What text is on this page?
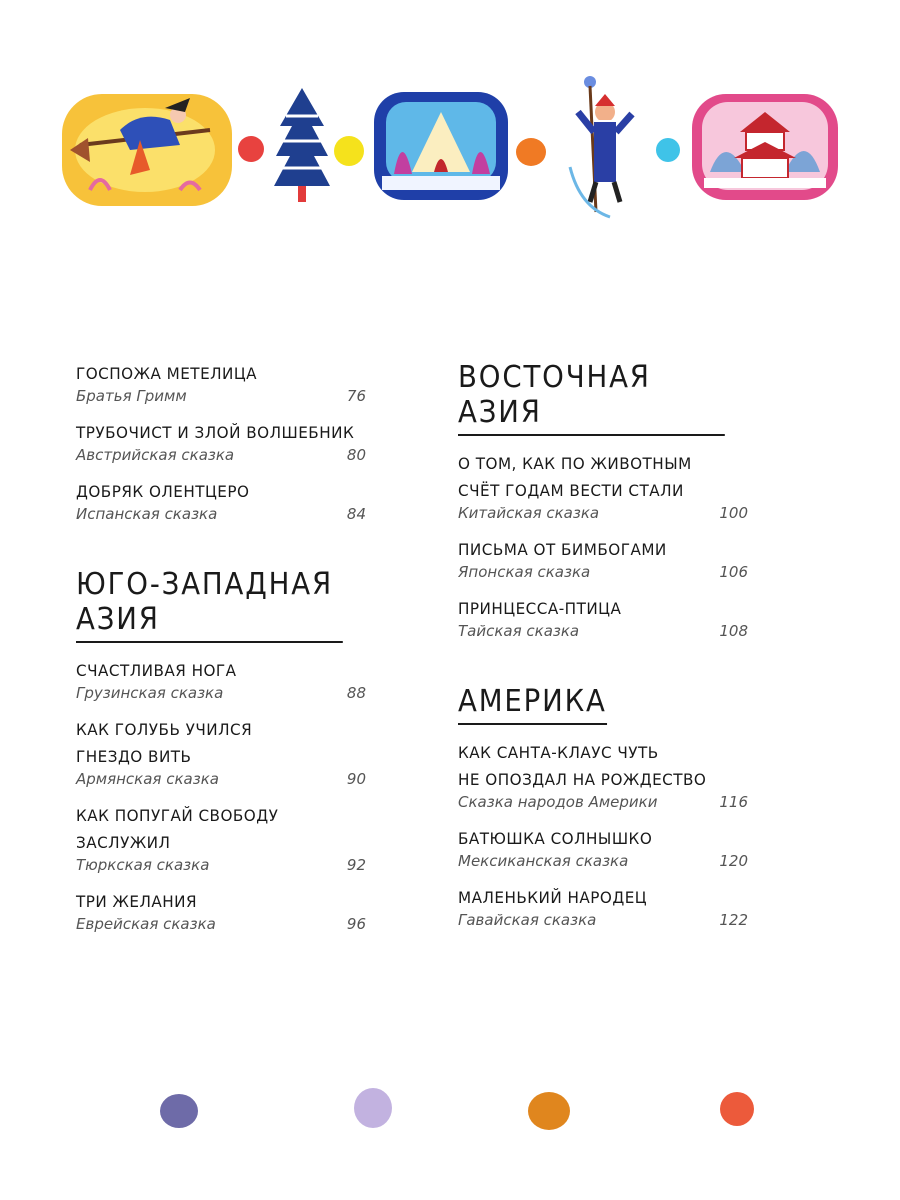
ГОСПОЖА МЕТЕЛИЦА
Братья Гримм	76
ТРУБОЧИСТ И ЗЛОЙ ВОЛШЕБНИК
Австрийская сказка	80
ДОБРЯК ОЛЕНТЦЕРО
Испанская сказка	84
ЮГО-ЗАПАДНАЯ АЗИЯ
СЧАСТЛИВАЯ НОГА
Грузинская сказка	88
КАК ГОЛУБЬ УЧИЛСЯ
ГНЕЗДО ВИТЬ
Армянская сказка	90
КАК ПОПУГАЙ СВОБОДУ
ЗАСЛУЖИЛ
Тюркская сказка	92
ТРИ ЖЕЛАНИЯ
Еврейская сказка	96
ВОСТОЧНАЯ АЗИЯ
О ТОМ, КАК ПО ЖИВОТНЫМ
СЧЁТ ГОДАМ ВЕСТИ СТАЛИ
Китайская сказка	100
ПИСЬМА ОТ БИМБОГАМИ
Японская сказка	106
ПРИНЦЕССА-ПТИЦА
Тайская сказка	108
АМЕРИКА
КАК САНТА-КЛАУС ЧУТЬ
НЕ ОПОЗДАЛ НА РОЖДЕСТВО
Сказка народов Америки	116
БАТЮШКА СОЛНЫШКО
Мексиканская сказка	120
МАЛЕНЬКИЙ НАРОДЕЦ
Гавайская сказка	122
